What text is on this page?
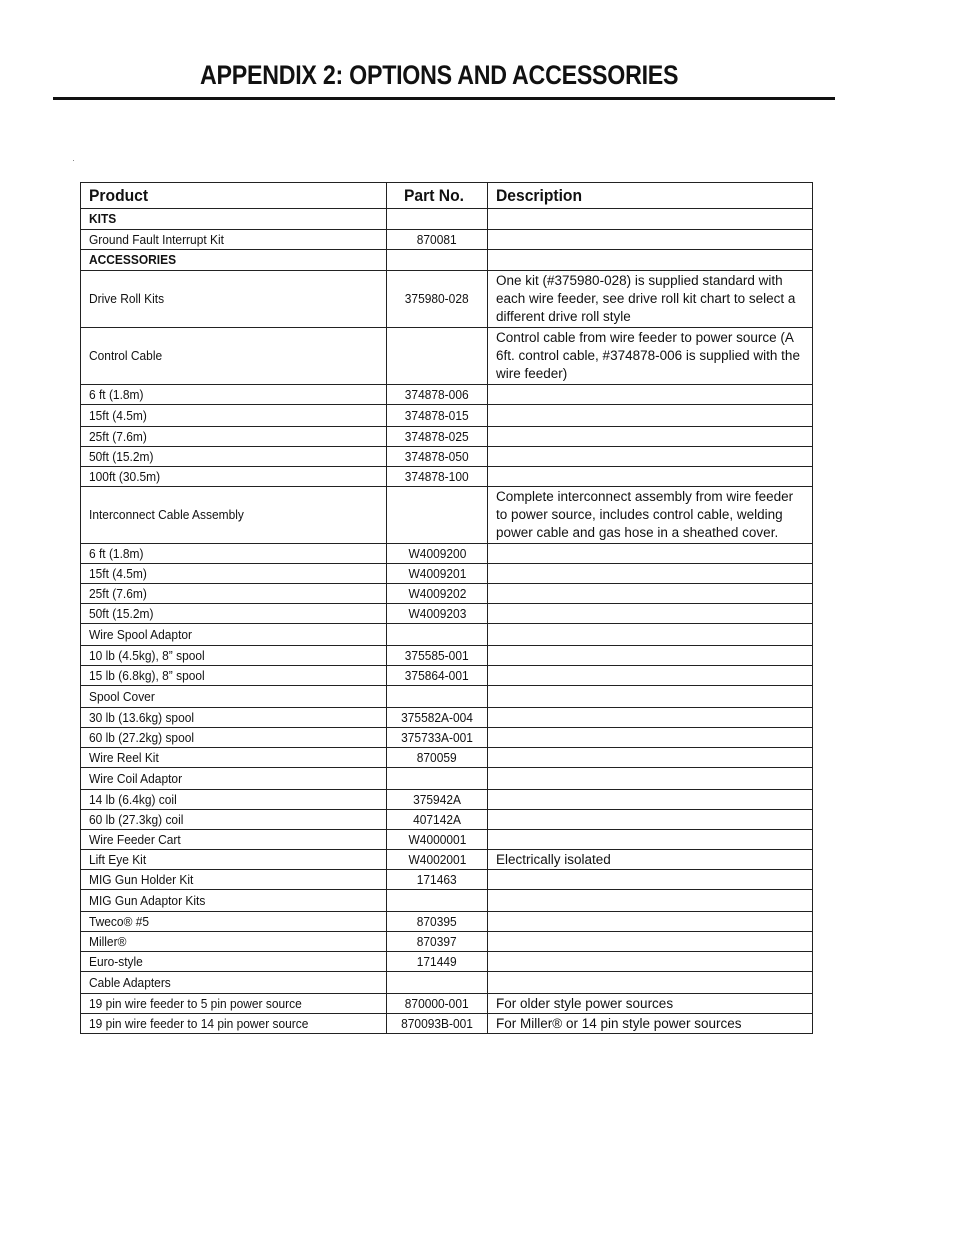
APPENDIX 2: OPTIONS AND ACCESSORIES
Product	Part No.	Description
KITS		

Ground Fault Interrupt Kit	870081	

ACCESSORIES		

Drive Roll Kits	375980-028	One kit (#375980-028) is supplied standard with each wire feeder, see drive roll kit chart to select a different drive roll style

Control Cable		Control cable from wire feeder to power source (A 6ft. control cable, #374878-006 is supplied with the wire feeder)

6 ft (1.8m)	374878-006	

15ft (4.5m)	374878-015	

25ft (7.6m)	374878-025	

50ft (15.2m)	374878-050	

100ft (30.5m)	374878-100	

Interconnect Cable Assembly		Complete interconnect assembly from wire feeder to power source, includes control cable, welding power cable and gas hose in a sheathed cover.

6 ft (1.8m)	W4009200	

15ft (4.5m)	W4009201	

25ft (7.6m)	W4009202	

50ft (15.2m)	W4009203	

Wire Spool Adaptor		

10 lb (4.5kg), 8” spool	375585-001	

15 lb (6.8kg), 8” spool	375864-001	

Spool Cover		

30 lb (13.6kg) spool	375582A-004	

60 lb (27.2kg) spool	375733A-001	

Wire Reel Kit	870059	

Wire Coil Adaptor		

14 lb (6.4kg) coil	375942A	

60 lb (27.3kg) coil	407142A	

Wire Feeder Cart	W4000001	

Lift Eye Kit	W4002001	Electrically isolated

MIG Gun Holder Kit	171463	

MIG Gun Adaptor Kits		

Tweco® #5	870395	

Miller®	870397	

Euro-style	171449	

Cable Adapters		

19 pin wire feeder to 5 pin power source	870000-001	For older style power sources

19 pin wire feeder to 14 pin power source	870093B-001	For Miller® or 14 pin style power sources
